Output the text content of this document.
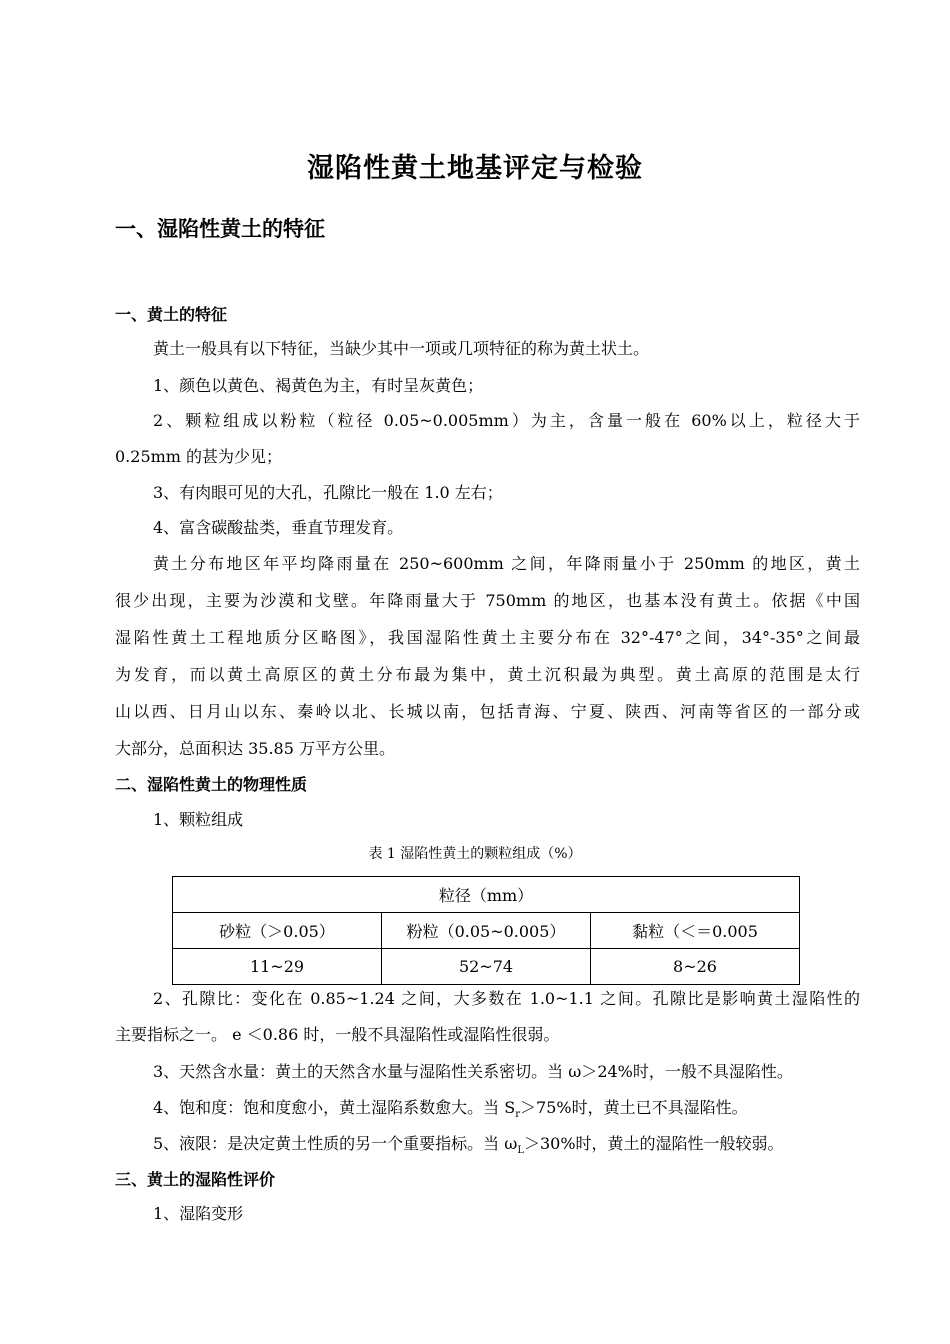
湿陷性黄土地基评定与检验
一、湿陷性黄土的特征
一、黄土的特征
黄土一般具有以下特征，当缺少其中一项或几项特征的称为黄土状土。
1、颜色以黄色、褐黄色为主，有时呈灰黄色；
2、颗粒组成以粉粒（粒径 0.05~0.005mm）为主，含量一般在 60%以上，粒径大于
0.25mm 的甚为少见；
3、有肉眼可见的大孔，孔隙比一般在 1.0 左右；
4、富含碳酸盐类，垂直节理发育。
黄土分布地区年平均降雨量在 250~600mm 之间，年降雨量小于 250mm 的地区，黄土
很少出现，主要为沙漠和戈壁。年降雨量大于 750mm 的地区，也基本没有黄土。依据《中国
湿陷性黄土工程地质分区略图》，我国湿陷性黄土主要分布在 32°-47°之间，34°-35°之间最
为发育，而以黄土高原区的黄土分布最为集中，黄土沉积最为典型。黄土高原的范围是太行
山以西、日月山以东、秦岭以北、长城以南，包括青海、宁夏、陕西、河南等省区的一部分或
大部分，总面积达 35.85 万平方公里。
二、湿陷性黄土的物理性质
1、颗粒组成
表 1 湿陷性黄土的颗粒组成（%）
粒径（mm）		
砂粒（＞0.05）	粉粒（0.05~0.005）	黏粒（＜＝0.005
11~29	52~74	8~26
2、孔隙比：变化在 0.85~1.24 之间，大多数在 1.0~1.1 之间。孔隙比是影响黄土湿陷性的
主要指标之一。 e ＜0.86 时，一般不具湿陷性或湿陷性很弱。
3、天然含水量：黄土的天然含水量与湿陷性关系密切。当 ω＞24%时，一般不具湿陷性。
4、饱和度：饱和度愈小，黄土湿陷系数愈大。当 $S_r>75\%$时，黄土已不具湿陷性。
5、液限：是决定黄土性质的另一个重要指标。当 $\omega_L>30\%$时，黄土的湿陷性一般较弱。
三、黄土的湿陷性评价
1、湿陷变形
